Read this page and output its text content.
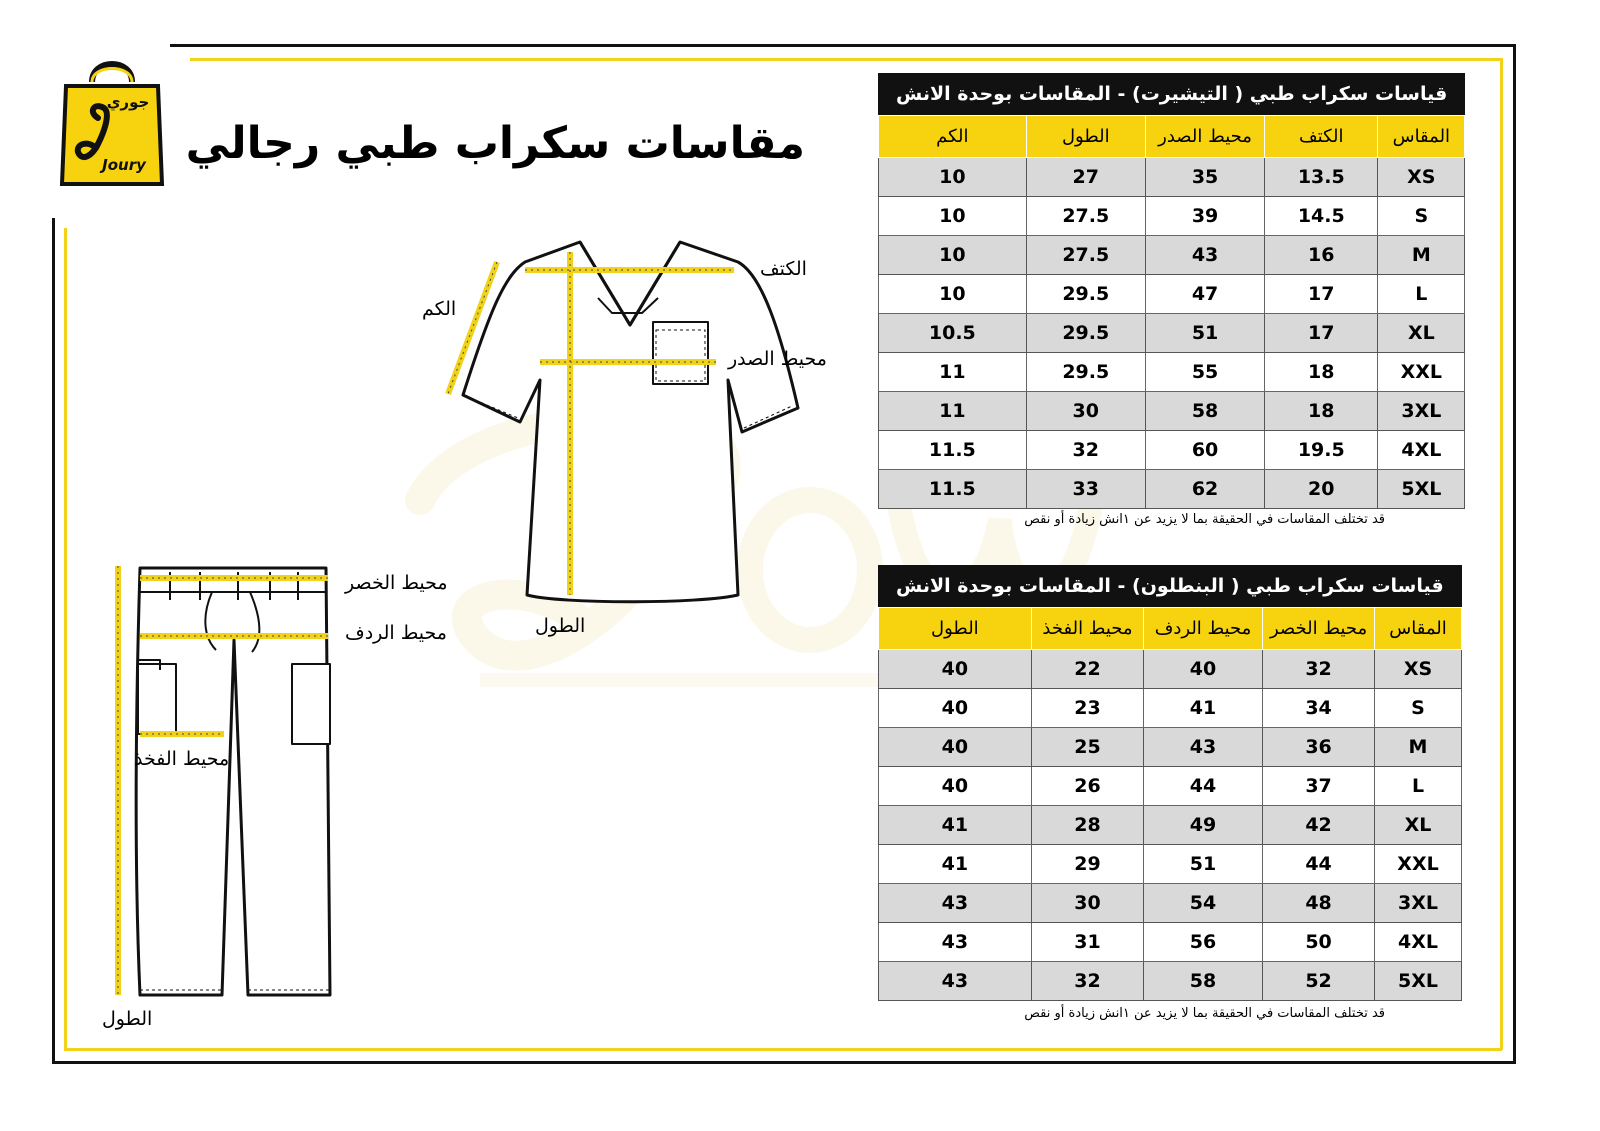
جوري
Joury مقاسات سكراب طبي رجالي
الكتف
الكم
محيط الصدر
الطول
محيط الخصر
محيط الردف
محيط الفخذ
الطول
قياسات سكراب طبي ( التيشيرت) - المقاسات بوحدة الانش
المقاس	الكتف	محيط الصدر	الطول	الكم
XS	13.5	35	27	10
S	14.5	39	27.5	10
M	16	43	27.5	10
L	17	47	29.5	10
XL	17	51	29.5	10.5
XXL	18	55	29.5	11
3XL	18	58	30	11
4XL	19.5	60	32	11.5
5XL	20	62	33	11.5
قد تختلف المقاسات في الحقيقة بما لا يزيد عن ١انش زيادة أو نقص
قياسات سكراب طبي ( البنطلون) - المقاسات بوحدة الانش
المقاس	محيط الخصر	محيط الردف	محيط الفخذ	الطول
XS	32	40	22	40
S	34	41	23	40
M	36	43	25	40
L	37	44	26	40
XL	42	49	28	41
XXL	44	51	29	41
3XL	48	54	30	43
4XL	50	56	31	43
5XL	52	58	32	43
قد تختلف المقاسات في الحقيقة بما لا يزيد عن ١انش زيادة أو نقص
